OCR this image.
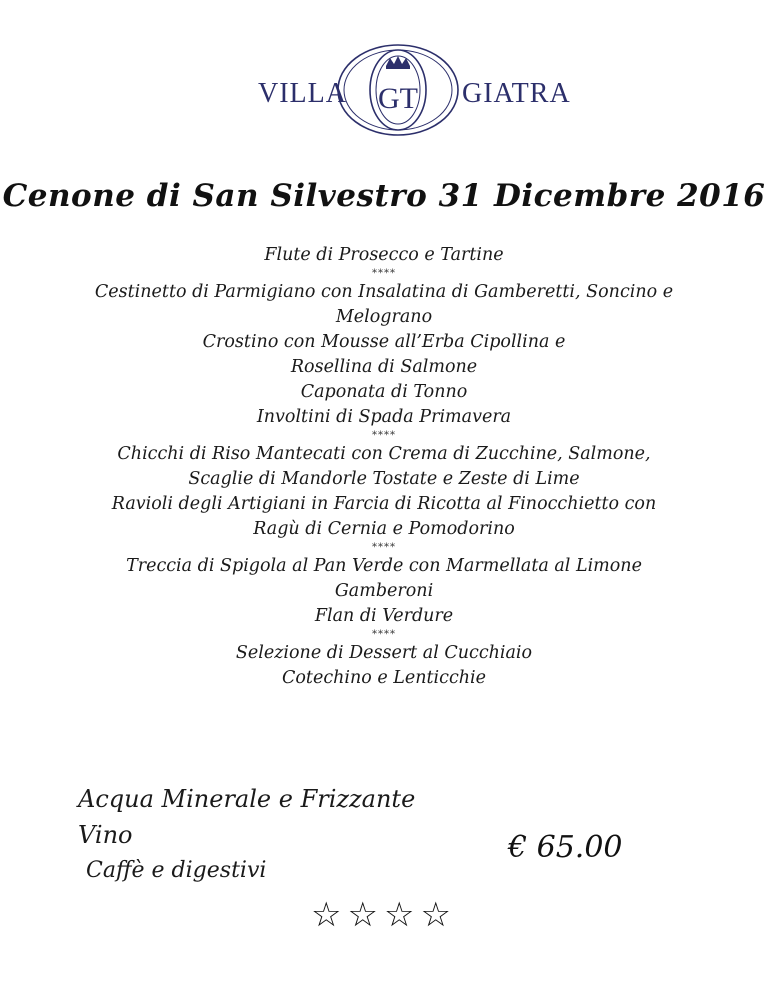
VILLA GT GIATRA
Cenone di San Silvestro 31 Dicembre 2016
Flute di Prosecco e Tartine
****
Cestinetto di Parmigiano con Insalatina di Gamberetti, Soncino e
Melograno
Crostino con Mousse all’Erba Cipollina e
Rosellina di Salmone
Caponata di Tonno
Involtini di Spada Primavera
****
Chicchi di Riso Mantecati con Crema di Zucchine, Salmone,
Scaglie di Mandorle Tostate e Zeste di Lime
Ravioli degli Artigiani in Farcia di Ricotta al Finocchietto con
Ragù di Cernia e Pomodorino
****
Treccia di Spigola al Pan Verde con Marmellata al Limone
Gamberoni
Flan di Verdure
****
Selezione di Dessert al Cucchiaio
Cotechino e Lenticchie
Acqua Minerale e Frizzante
Vino
Caffè e digestivi
€ 65.00
☆☆☆☆
